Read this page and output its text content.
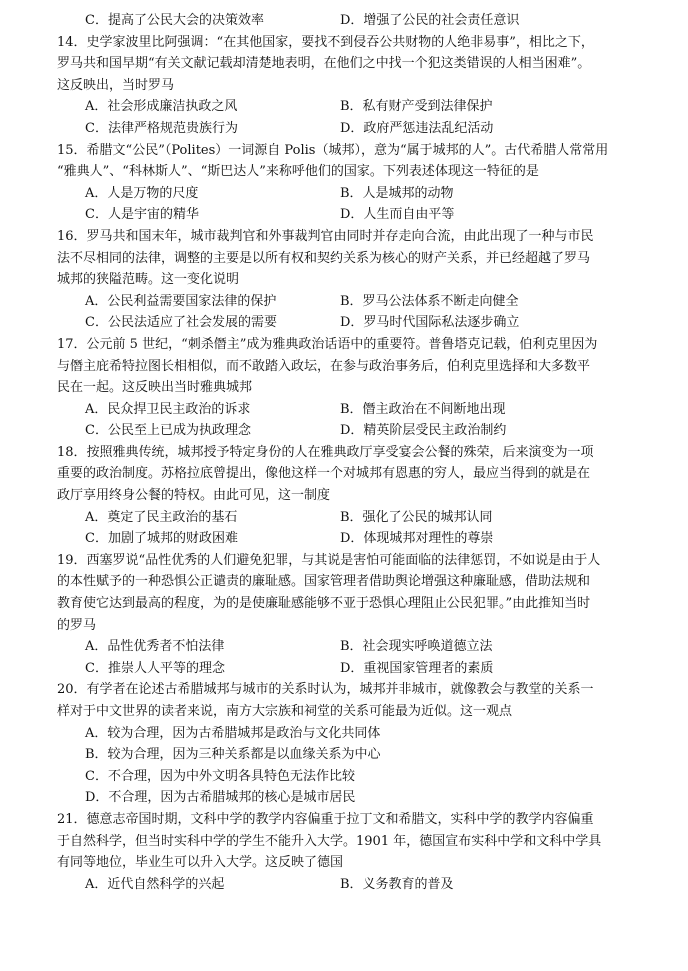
C．提高了公民大会的决策效率	D．增强了公民的社会责任意识
14．史学家波里比阿强调：“在其他国家，要找不到侵吞公共财物的人绝非易事”，相比之下，
罗马共和国早期“有关文献记载却清楚地表明，在他们之中找一个犯这类错误的人相当困难”。
这反映出，当时罗马
A．社会形成廉洁执政之风	B．私有财产受到法律保护
C．法律严格规范贵族行为	D．政府严惩违法乱纪活动
15．希腊文“公民”（Polites）一词源自 Polis（城邦），意为“属于城邦的人”。古代希腊人常常用
“雅典人”、“科林斯人”、“斯巴达人”来称呼他们的国家。下列表述体现这一特征的是
A．人是万物的尺度	B．人是城邦的动物
C．人是宇宙的精华	D．人生而自由平等
16．罗马共和国末年，城市裁判官和外事裁判官由同时并存走向合流，由此出现了一种与市民
法不尽相同的法律，调整的主要是以所有权和契约关系为核心的财产关系，并已经超越了罗马
城邦的狭隘范畴。这一变化说明
A．公民利益需要国家法律的保护	B．罗马公法体系不断走向健全
C．公民法适应了社会发展的需要	D．罗马时代国际私法逐步确立
17．公元前 5 世纪，“刺杀僭主”成为雅典政治话语中的重要符。普鲁塔克记载，伯利克里因为
与僭主庇希特拉图长相相似，而不敢踏入政坛，在参与政治事务后，伯利克里选择和大多数平
民在一起。这反映出当时雅典城邦
A．民众捍卫民主政治的诉求	B．僭主政治在不间断地出现
C．公民至上已成为执政理念	D．精英阶层受民主政治制约
18．按照雅典传统，城邦授予特定身份的人在雅典政厅享受宴会公餐的殊荣，后来演变为一项
重要的政治制度。苏格拉底曾提出，像他这样一个对城邦有恩惠的穷人，最应当得到的就是在
政厅享用终身公餐的特权。由此可见，这一制度
A．奠定了民主政治的基石	B．强化了公民的城邦认同
C．加剧了城邦的财政困难	D．体现城邦对理性的尊崇
19．西塞罗说“品性优秀的人们避免犯罪，与其说是害怕可能面临的法律惩罚，不如说是由于人
的本性赋予的一种恐惧公正谴责的廉耻感。国家管理者借助舆论增强这种廉耻感，借助法规和
教育使它达到最高的程度，为的是使廉耻感能够不亚于恐惧心理阻止公民犯罪。”由此推知当时
的罗马
A．品性优秀者不怕法律	B．社会现实呼唤道德立法
C．推崇人人平等的理念	D．重视国家管理者的素质
20．有学者在论述古希腊城邦与城市的关系时认为，城邦并非城市，就像教会与教堂的关系一
样对于中文世界的读者来说，南方大宗族和祠堂的关系可能最为近似。这一观点
A．较为合理，因为古希腊城邦是政治与文化共同体
B．较为合理，因为三种关系都是以血缘关系为中心
C．不合理，因为中外文明各具特色无法作比较
D．不合理，因为古希腊城邦的核心是城市居民
21．德意志帝国时期，文科中学的教学内容偏重于拉丁文和希腊文，实科中学的教学内容偏重
于自然科学，但当时实科中学的学生不能升入大学。1901 年，德国宣布实科中学和文科中学具
有同等地位，毕业生可以升入大学。这反映了德国
A．近代自然科学的兴起	B．义务教育的普及
